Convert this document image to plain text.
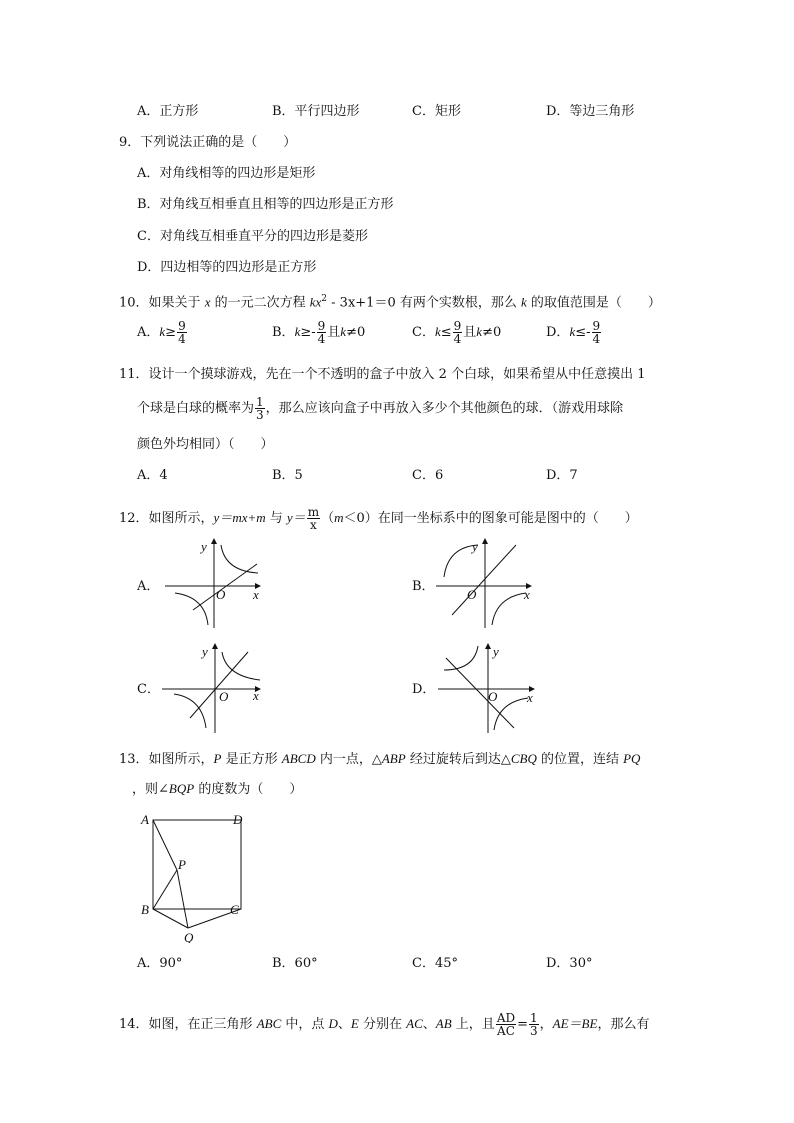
A．正方形	B．平行四边形	C．矩形	D．等边三角形
9．下列说法正确的是（　　）
A．对角线相等的四边形是矩形
B．对角线互相垂直且相等的四边形是正方形
C．对角线互相垂直平分的四边形是菱形
D．四边相等的四边形是正方形
10．如果关于 x 的一元二次方程 $kx^2 - 3x+1=0$ 有两个实数根，那么 k 的取值范围是（　　）
A．$k\ge \frac{9}{4}$	B．$k\ge- \frac{9}{4}$ 且k≠0	C．$k\le \frac{9}{4}$ 且k≠0	D．$k\le- \frac{9}{4}$
11．设计一个摸球游戏，先在一个不透明的盒子中放入 2 个白球，如果希望从中任意摸出 1
个球是白球的概率为 $\frac{1}{3}$ ，那么应该向盒子中再放入多少个其他颜色的球．（游戏用球除
颜色外均相同）（　　）
A．4	B．5	C．6	D．7
12．如图所示，y＝mx+m 与 $y= \frac{m}{x} (m<0)$在同一坐标系中的图象可能是图中的（　　）
A．
y
x
O
B．
y
x
O
C．
y
x
O	D．
y
x
O
13．如图所示，P 是正方形 ABCD 内一点，△ABP 经过旋转后到达△CBQ 的位置，连结 PQ
，则∠BQP 的度数为（　　）
A	D
P
B	C
Q
A．90°	B．60°	C．45°	D．30°
14．如图，在正三角形 ABC 中，点 D、E 分别在 AC、AB 上，且 $\frac{AD}{AC} = \frac{1}{3}$ ，AE＝BE，那么有
